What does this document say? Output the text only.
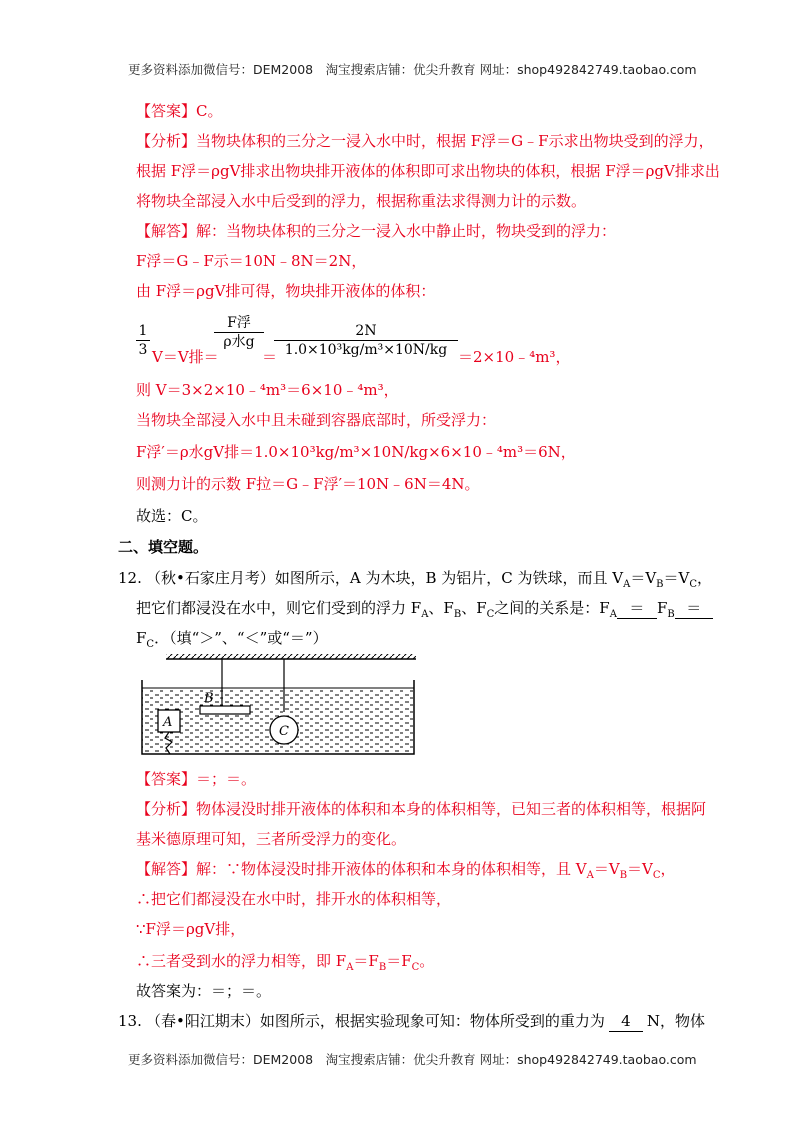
更多资料添加微信号：DEM2008　淘宝搜索店铺：优尖升教育 网址：shop492842749.taobao.com
【答案】C。
【分析】当物块体积的三分之一浸入水中时，根据 F浮＝G﹣F示求出物块受到的浮力，
根据 F浮＝ρgV排求出物块排开液体的体积即可求出物块的体积，根据 F浮＝ρgV排求出
将物块全部浸入水中后受到的浮力，根据称重法求得测力计的示数。
【解答】解：当物块体积的三分之一浸入水中静止时，物块受到的浮力：
F浮＝G﹣F示＝10N﹣8N＝2N，
由 F浮＝ρgV排可得，物块排开液体的体积：
1
3 V＝V排＝
F浮
ρ水g
＝
2N
1.0×10³kg/m³×10N/kg ＝2×10﹣⁴m³，
则 V＝3×2×10﹣⁴m³＝6×10﹣⁴m³，
当物块全部浸入水中且未碰到容器底部时，所受浮力：
F浮′＝ρ水gV排＝1.0×10³kg/m³×10N/kg×6×10﹣⁴m³＝6N，
则测力计的示数 F拉＝G﹣F浮′＝10N﹣6N＝4N。
故选：C。
二、填空题。
12. （秋•石家庄月考）如图所示，A 为木块，B 为铝片，C 为铁球，而且 $V_A=V_B=V_C$，
把它们都浸没在水中，则它们受到的浮力 $F_A$、$F_B$、$F_C$之间的关系是：$F_A = F_B$ ＝
$F_C$．（填“＞”、“＜”或“＝”）
B
C
A
【答案】＝；＝。
【分析】物体浸没时排开液体的体积和本身的体积相等，已知三者的体积相等，根据阿
基米德原理可知，三者所受浮力的变化。
【解答】解：∵物体浸没时排开液体的体积和本身的体积相等，且 $V_A=V_B=V_C$，
∴把它们都浸没在水中时，排开水的体积相等，
∵F浮＝ρgV排，
∴三者受到水的浮力相等，即 $F_A=F_B=F_C$。
故答案为：＝；＝。
13. （春•阳江期末）如图所示，根据实验现象可知：物体所受到的重力为 4 N，物体
更多资料添加微信号：DEM2008　淘宝搜索店铺：优尖升教育 网址：shop492842749.taobao.com
